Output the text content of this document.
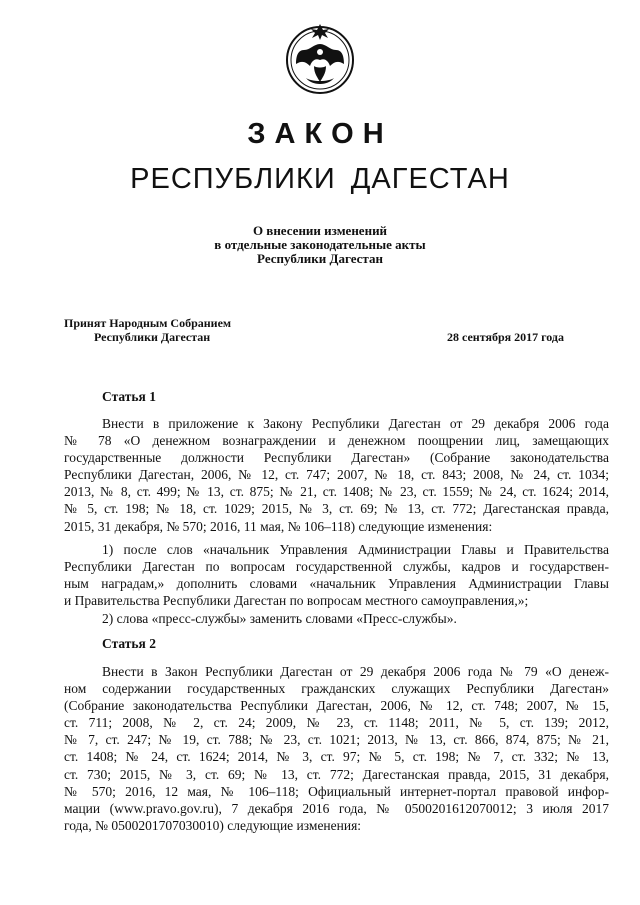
ЗАКОН
РЕСПУБЛИКИ ДАГЕСТАН
О внесении изменений
в отдельные законодательные акты
Республики Дагестан
Принят Народным Собранием
Республики Дагестан	28 сентября 2017 года
Статья 1
Внести в приложение к Закону Республики Дагестан от 29 декабря 2006 года
№ 78 «О денежном вознаграждении и денежном поощрении лиц, замещающих
государственные должности Республики Дагестан» (Собрание законодательства
Республики Дагестан, 2006, № 12, ст. 747; 2007, № 18, ст. 843; 2008, № 24, ст. 1034;
2013, № 8, ст. 499; № 13, ст. 875; № 21, ст. 1408; № 23, ст. 1559; № 24, ст. 1624; 2014,
№ 5, ст. 198; № 18, ст. 1029; 2015, № 3, ст. 69; № 13, ст. 772; Дагестанская правда,
2015, 31 декабря, № 570; 2016, 11 мая, № 106–118) следующие изменения:
1) после слов «начальник Управления Администрации Главы и Правительства
Республики Дагестан по вопросам государственной службы, кадров и государствен-
ным наградам,» дополнить словами «начальник Управления Администрации Главы
и Правительства Республики Дагестан по вопросам местного самоуправления,»;
2) слова «пресс-службы» заменить словами «Пресс-службы».
Статья 2
Внести в Закон Республики Дагестан от 29 декабря 2006 года № 79 «О денеж-
ном содержании государственных гражданских служащих Республики Дагестан»
(Собрание законодательства Республики Дагестан, 2006, № 12, ст. 748; 2007, № 15,
ст. 711; 2008, № 2, ст. 24; 2009, № 23, ст. 1148; 2011, № 5, ст. 139; 2012,
№ 7, ст. 247; № 19, ст. 788; № 23, ст. 1021; 2013, № 13, ст. 866, 874, 875; № 21,
ст. 1408; № 24, ст. 1624; 2014, № 3, ст. 97; № 5, ст. 198; № 7, ст. 332; № 13,
ст. 730; 2015, № 3, ст. 69; № 13, ст. 772; Дагестанская правда, 2015, 31 декабря,
№ 570; 2016, 12 мая, № 106–118; Официальный интернет-портал правовой инфор-
мации (www.pravo.gov.ru), 7 декабря 2016 года, № 0500201612070012; 3 июля 2017
года, № 0500201707030010) следующие изменения:
